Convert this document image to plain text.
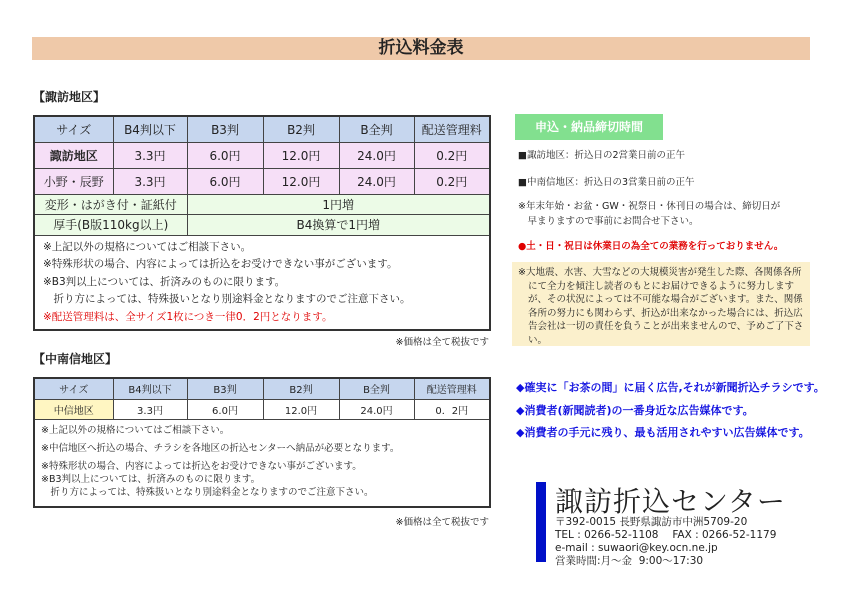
折込料金表
【諏訪地区】
サイズ	B4判以下	B3判	B2判	B全判	配送管理料
諏訪地区	3.3円	6.0円	12.0円	24.0円	0.2円
小野・辰野	3.3円	6.0円	12.0円	24.0円	0.2円
変形・はがき付・証紙付		1円増			
厚手(B版110kg以上)		B4換算で1円増			

※上記以外の規格についてはご相談下さい。
※特殊形状の場合、内容によっては折込をお受けできない事がございます。
※B3判以上については、折済みのものに限ります。
　折り方によっては、特殊扱いとなり別途料金となりますのでご注意下さい。
※配送管理料は、全サイズ1枚につき一律0．2円となります。					
※価格は全て税抜です
【中南信地区】
サイズ	B4判以下	B3判	B2判	B全判	配送管理料
中信地区	3.3円	6.0円	12.0円	24.0円	0．2円

※上記以外の規格についてはご相談下さい。
※中信地区へ折込の場合、チラシを各地区の折込センターへ納品が必要となります。
※特殊形状の場合、内容によっては折込をお受けできない事がございます。
※B3判以上については、折済みのものに限ります。
　折り方によっては、特殊扱いとなり別途料金となりますのでご注意下さい。					
※価格は全て税抜です
申込・納品締切時間
■諏訪地区：折込日の2営業日前の正午
■中南信地区：折込日の3営業日前の正午
※年末年始・お盆・GW・祝祭日・休刊日の場合は、締切日が
　早まりますので事前にお問合せ下さい。
●土・日・祝日は休業日の為全ての業務を行っておりません。
※大地震、水害、大雪などの大規模災害が発生した際、各関係各所にて全力を傾注し読者のもとにお届けできるように努力しますが、その状況によっては不可能な場合がございます。また、関係各所の努力にも関わらず、折込が出来なかった場合には、折込広告会社は一切の責任を負うことが出来ませんので、予めご了下さい。
◆確実に「お茶の間」に届く広告,それが新聞折込チラシです。
◆消費者(新聞読者)の一番身近な広告媒体です。
◆消費者の手元に残り、最も活用されやすい広告媒体です。
諏訪折込センター
〒392-0015 長野県諏訪市中洲5709-20
TEL : 0266-52-1108　 FAX : 0266-52-1179
e-mail : suwaori@key.ocn.ne.jp
営業時間:月～金  9:00～17:30
